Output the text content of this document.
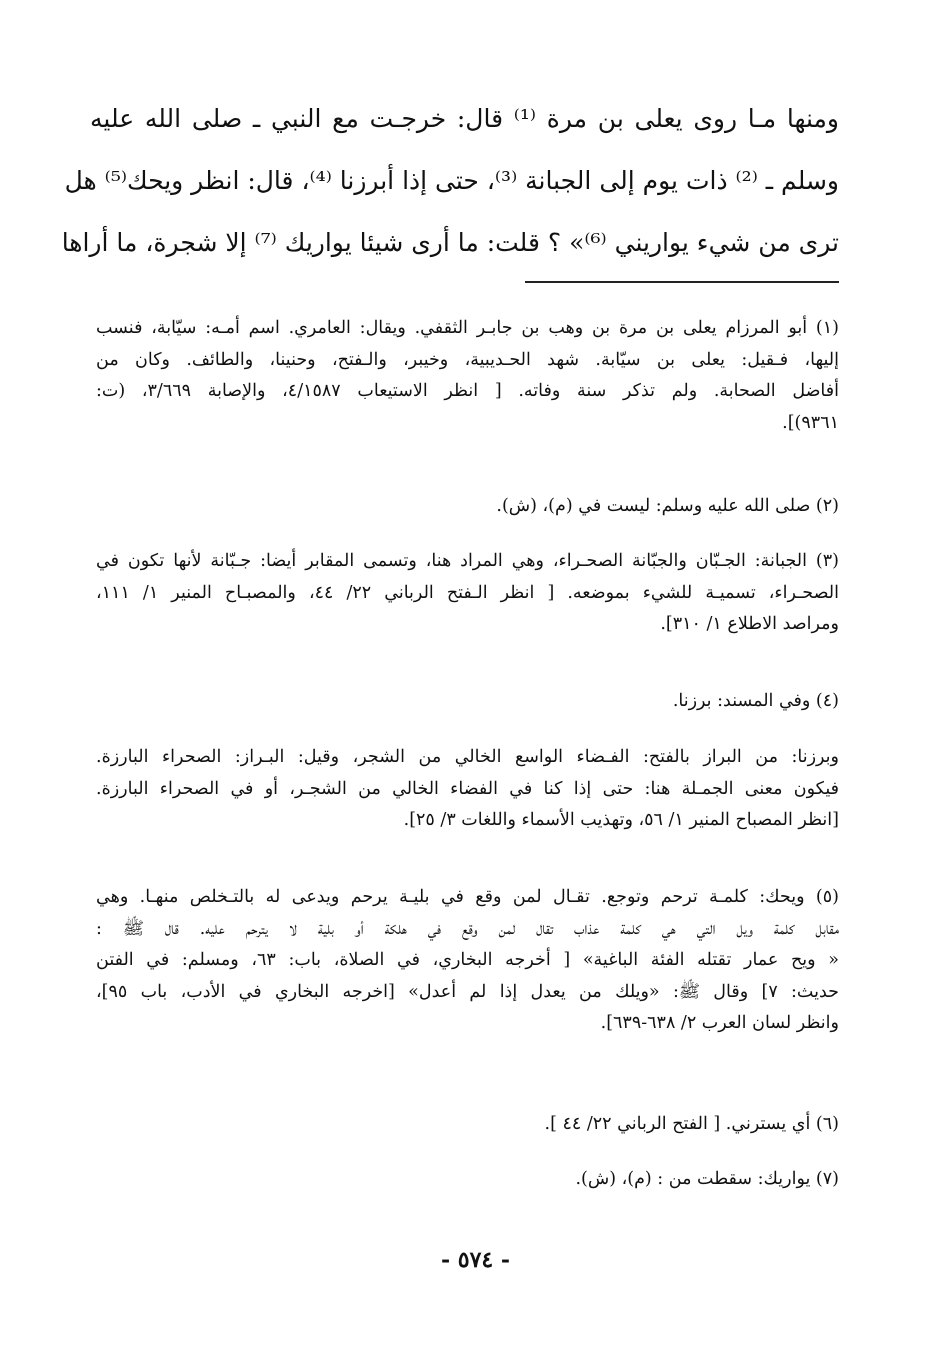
ومنها مـا روى يعلى بن مرة ⁽¹⁾ قال: خرجـت مع النبي ـ صلى الله عليه
وسلم ـ ⁽²⁾ ذات يوم إلى الجبانة ⁽³⁾، حتى إذا أبرزنا ⁽⁴⁾، قال: انظر ويحك⁽⁵⁾ هل
ترى من شيء يواريني ⁽⁶⁾» ؟ قلت: ما أرى شيئا يواريك ⁽⁷⁾ إلا شجرة، ما أراها
(١) أبو المرزام يعلى بن مرة بن وهب بن جابـر الثقفي. ويقال: العامري. اسم أمـه: سيّابة، فنسب
إليها، فـقيل: يعلى بن سيّابة. شهد الحـديبية، وخيبر، والـفتح، وحنينا، والطائف. وكان من
أفاضل الصحابة. ولم تذكر سنة وفاته. [ انظر الاستيعاب ٤/١٥٨٧، والإصابة ٣/٦٦٩، (ت:
٩٣٦١)].
(٢) صلى الله عليه وسلم: ليست في (م)، (ش).
(٣) الجبانة: الجـبّان والجبّانة الصحـراء، وهي المراد هنا، وتسمى المقابر أيضا: جـبّانة لأنها تكون في
الصحـراء، تسميـة للشيء بموضعه. [ انظر الـفتح الرباني ٢٢/ ٤٤، والمصبـاح المنير ١/ ١١١،
ومراصد الاطلاع ١/ ٣١٠].
(٤) وفي المسند: برزنا.
وبرزنا: من البراز بالفتح: الفـضاء الواسع الخالي من الشجر، وقيل: البـراز: الصحراء البارزة.
فيكون معنى الجمـلة هنا: حتى إذا كنا في الفضاء الخالي من الشجـر، أو في الصحراء البارزة.
[انظر المصباح المنير ١/ ٥٦، وتهذيب الأسماء واللغات ٣/ ٢٥].
(٥) ويحك: كلمـة ترحم وتوجع. تقـال لمن وقع في بليـة يرحم ويدعى له بالتـخلص منهـا. وهي
مقابل كلمة ويل التي هي كلمة عذاب تقال لمن وقع في هلكة أو بلية لا يترحم عليه. قال ﷺ :
« ويح عمار تقتله الفئة الباغية» [ أخرجه البخاري، في الصلاة، باب: ٦٣، ومسلم: في الفتن
حديث: ٧] وقال ﷺ: «ويلك من يعدل إذا لم أعدل» [اخرجه البخاري في الأدب، باب ٩٥]،
وانظر لسان العرب ٢/ ٦٣٨-٦٣٩].
(٦) أي يسترني. [ الفتح الرباني ٢٢/ ٤٤ ].
(٧) يواريك: سقطت من : (م)، (ش).
- ٥٧٤ -
